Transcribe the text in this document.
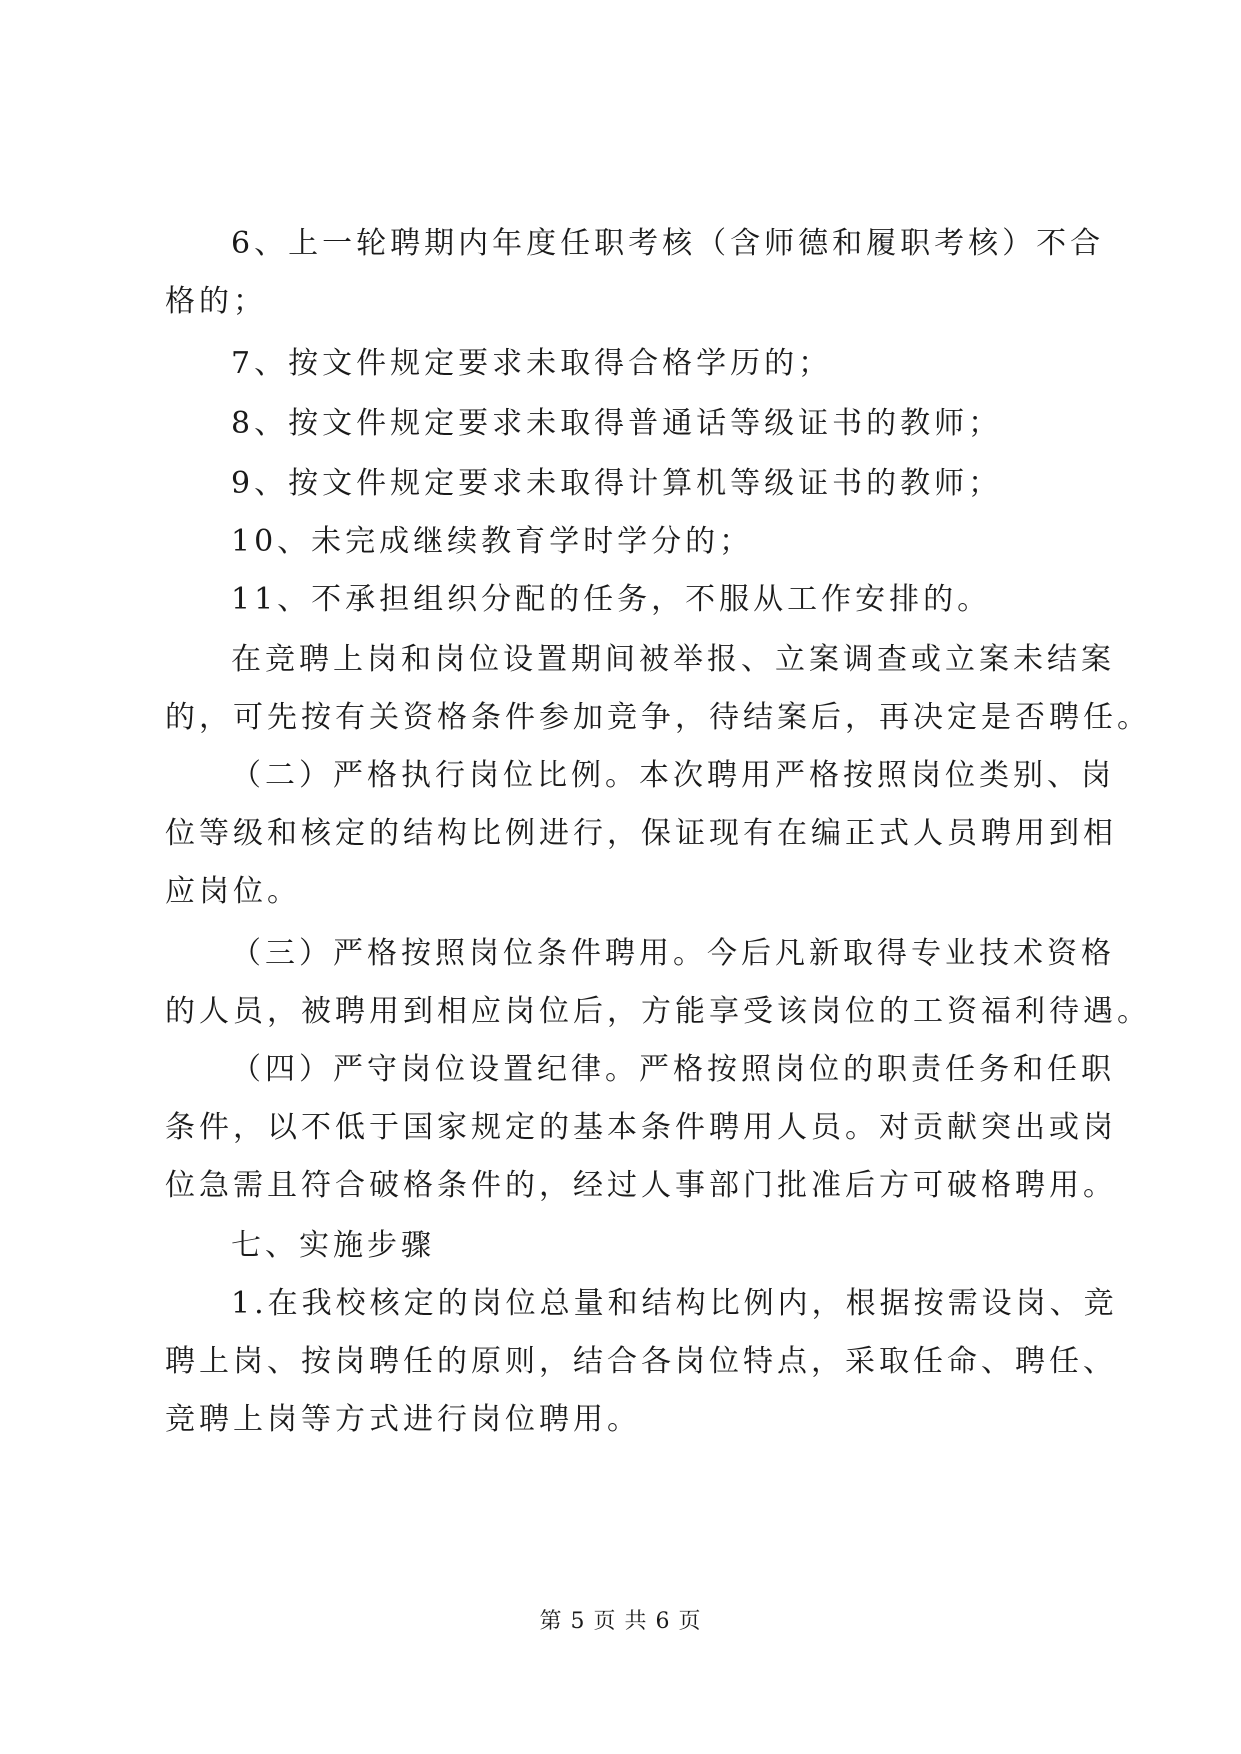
6、上一轮聘期内年度任职考核（含师德和履职考核）不合
格的；
7、按文件规定要求未取得合格学历的；
8、按文件规定要求未取得普通话等级证书的教师；
9、按文件规定要求未取得计算机等级证书的教师；
10、未完成继续教育学时学分的；
11、不承担组织分配的任务，不服从工作安排的。
在竞聘上岗和岗位设置期间被举报、立案调查或立案未结案
的，可先按有关资格条件参加竞争，待结案后，再决定是否聘任。
（二）严格执行岗位比例。本次聘用严格按照岗位类别、岗
位等级和核定的结构比例进行，保证现有在编正式人员聘用到相
应岗位。
（三）严格按照岗位条件聘用。今后凡新取得专业技术资格
的人员，被聘用到相应岗位后，方能享受该岗位的工资福利待遇。
（四）严守岗位设置纪律。严格按照岗位的职责任务和任职
条件，以不低于国家规定的基本条件聘用人员。对贡献突出或岗
位急需且符合破格条件的，经过人事部门批准后方可破格聘用。
七、实施步骤
1.在我校核定的岗位总量和结构比例内，根据按需设岗、竞
聘上岗、按岗聘任的原则，结合各岗位特点，采取任命、聘任、
竞聘上岗等方式进行岗位聘用。
第 5 页 共 6 页
